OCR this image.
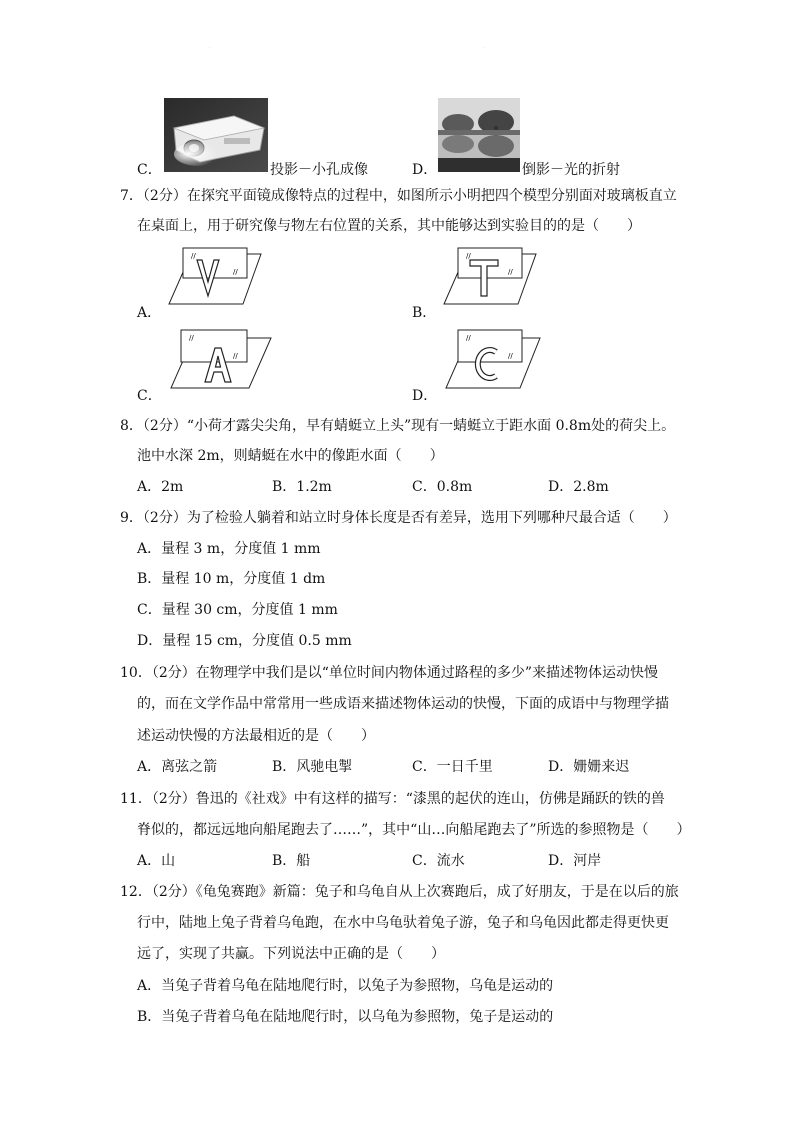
C．	投影－小孔成像	D．	倒影－光的折射
7．（2分）在探究平面镜成像特点的过程中，如图所示小明把四个模型分别面对玻璃板直立
在桌面上，用于研究像与物左右位置的关系，其中能够达到实验目的的是（　　）
A．
//
//
V
B．
//
//
T
C．
//
//
A
D．
//
//
C
8．（2分）“小荷才露尖尖角，早有蜻蜓立上头”现有一蜻蜓立于距水面 0.8m处的荷尖上。
池中水深 2m，则蜻蜓在水中的像距水面（　　）
A．2m	B．1.2m	C．0.8m	D．2.8m
9．（2分）为了检验人躺着和站立时身体长度是否有差异，选用下列哪种尺最合适（　　）
A．量程 3 m，分度值 1 mm
B．量程 10 m，分度值 1 dm
C．量程 30 cm，分度值 1 mm
D．量程 15 cm，分度值 0.5 mm
10．（2分）在物理学中我们是以“单位时间内物体通过路程的多少”来描述物体运动快慢
的，而在文学作品中常常用一些成语来描述物体运动的快慢，下面的成语中与物理学描
述运动快慢的方法最相近的是（　　）
A．离弦之箭	B．风驰电掣	C．一日千里	D．姗姗来迟
11．（2分）鲁迅的《社戏》中有这样的描写：“漆黑的起伏的连山，仿佛是踊跃的铁的兽
脊似的，都远远地向船尾跑去了……”，其中“山…向船尾跑去了”所选的参照物是（　　）
A．山	B．船	C．流水	D．河岸
12．（2分）《龟兔赛跑》新篇：兔子和乌龟自从上次赛跑后，成了好朋友，于是在以后的旅
行中，陆地上兔子背着乌龟跑，在水中乌龟驮着兔子游，兔子和乌龟因此都走得更快更
远了，实现了共赢。下列说法中正确的是（　　）
A．当兔子背着乌龟在陆地爬行时，以兔子为参照物，乌龟是运动的
B．当兔子背着乌龟在陆地爬行时，以乌龟为参照物，兔子是运动的
